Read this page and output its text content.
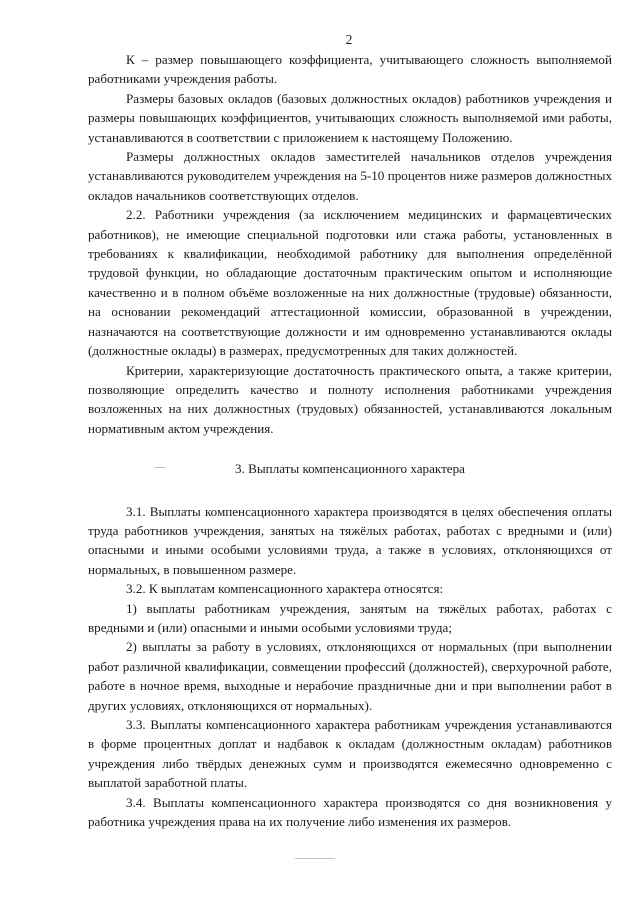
2

К – размер повышающего коэффициента, учитывающего сложность выполняемой работниками учреждения работы.

Размеры базовых окладов (базовых должностных окладов) работников учреждения и размеры повышающих коэффициентов, учитывающих сложность выполняемой ими работы, устанавливаются в соответствии с приложением к настоящему Положению.

Размеры должностных окладов заместителей начальников отделов учреждения устанавливаются руководителем учреждения на 5-10 процентов ниже размеров должностных окладов начальников соответствующих отделов.

2.2. Работники учреждения (за исключением медицинских и фармацевтических работников), не имеющие специальной подготовки или стажа работы, установленных в требованиях к квалификации, необходимой работнику для выполнения определённой трудовой функции, но обладающие достаточным практическим опытом и исполняющие качественно и в полном объёме возложенные на них должностные (трудовые) обязанности, на основании рекомендаций аттестационной комиссии, образованной в учреждении, назначаются на соответствующие должности и им одновременно устанавливаются оклады (должностные оклады) в размерах, предусмотренных для таких должностей.

Критерии, характеризующие достаточность практического опыта, а также критерии, позволяющие определить качество и полноту исполнения работниками учреждения возложенных на них должностных (трудовых) обязанностей, устанавливаются локальным нормативным актом учреждения.

3. Выплаты компенсационного характера

3.1. Выплаты компенсационного характера производятся в целях обеспечения оплаты труда работников учреждения, занятых на тяжёлых работах, работах с вредными и (или) опасными и иными особыми условиями труда, а также в условиях, отклоняющихся от нормальных, в повышенном размере.

3.2. К выплатам компенсационного характера относятся:

1) выплаты работникам учреждения, занятым на тяжёлых работах, работах с вредными и (или) опасными и иными особыми условиями труда;

2) выплаты за работу в условиях, отклоняющихся от нормальных (при выполнении работ различной квалификации, совмещении профессий (должностей), сверхурочной работе, работе в ночное время, выходные и нерабочие праздничные дни и при выполнении работ в других условиях, отклоняющихся от нормальных).

3.3. Выплаты компенсационного характера работникам учреждения устанавливаются в форме процентных доплат и надбавок к окладам (должностным окладам) работников учреждения либо твёрдых денежных сумм и производятся ежемесячно одновременно с выплатой заработной платы.

3.4. Выплаты компенсационного характера производятся со дня возникновения у работника учреждения права на их получение либо изменения их размеров.
